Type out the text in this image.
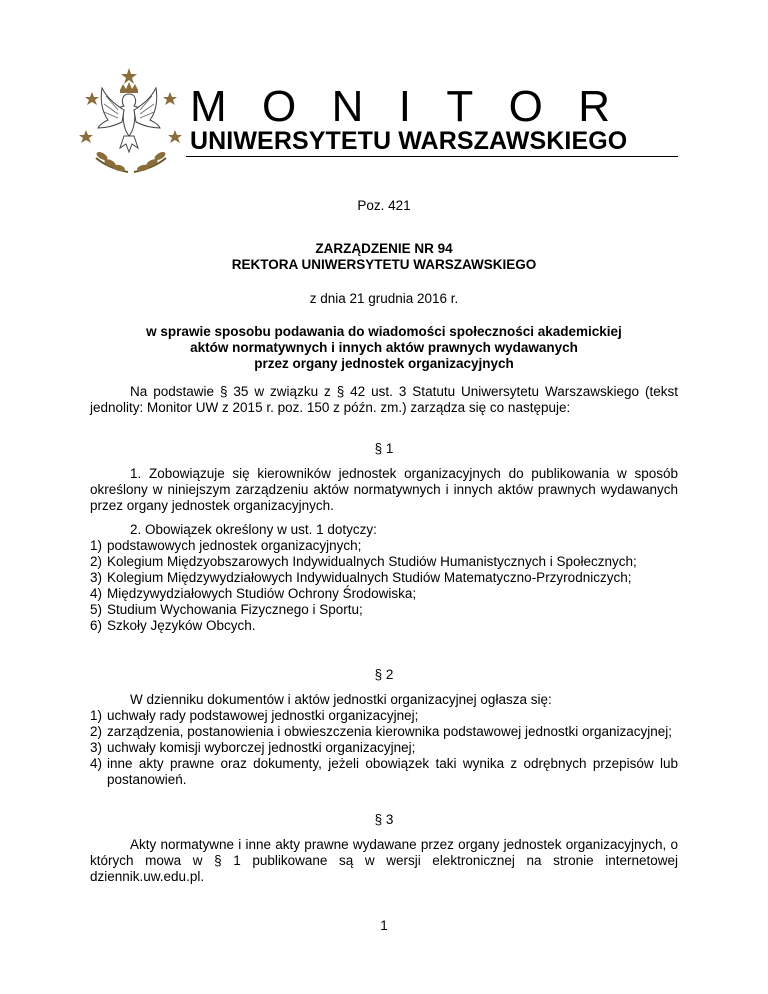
M O N I T O R
UNIWERSYTETU WARSZAWSKIEGO
Poz. 421
ZARZĄDZENIE NR 94
REKTORA UNIWERSYTETU WARSZAWSKIEGO
z dnia 21 grudnia 2016 r.
w sprawie sposobu podawania do wiadomości społeczności akademickiej
aktów normatywnych i innych aktów prawnych wydawanych
przez organy jednostek organizacyjnych

Na podstawie § 35 w związku z § 42 ust. 3 Statutu Uniwersytetu Warszawskiego (tekst jednolity: Monitor UW z 2015 r. poz. 150 z późn. zm.) zarządza się co następuje:

§ 1

1. Zobowiązuje się kierowników jednostek organizacyjnych do publikowania w sposób określony w niniejszym zarządzeniu aktów normatywnych i innych aktów prawnych wydawanych przez organy jednostek organizacyjnych.

2. Obowiązek określony w ust. 1 dotyczy:

1) podstawowych jednostek organizacyjnych;
2) Kolegium Międzyobszarowych Indywidualnych Studiów Humanistycznych i Społecznych;
3) Kolegium Międzywydziałowych Indywidualnych Studiów Matematyczno-Przyrodniczych;
4) Międzywydziałowych Studiów Ochrony Środowiska;
5) Studium Wychowania Fizycznego i Sportu;
6) Szkoły Języków Obcych.
§ 2

W dzienniku dokumentów i aktów jednostki organizacyjnej ogłasza się:

1) uchwały rady podstawowej jednostki organizacyjnej;
2) zarządzenia, postanowienia i obwieszczenia kierownika podstawowej jednostki organizacyjnej;
3) uchwały komisji wyborczej jednostki organizacyjnej;
4) inne akty prawne oraz dokumenty, jeżeli obowiązek taki wynika z odrębnych przepisów lub postanowień.
§ 3

Akty normatywne i inne akty prawne wydawane przez organy jednostek organizacyjnych, o których mowa w § 1 publikowane są w wersji elektronicznej na stronie internetowej dziennik.uw.edu.pl.

1
